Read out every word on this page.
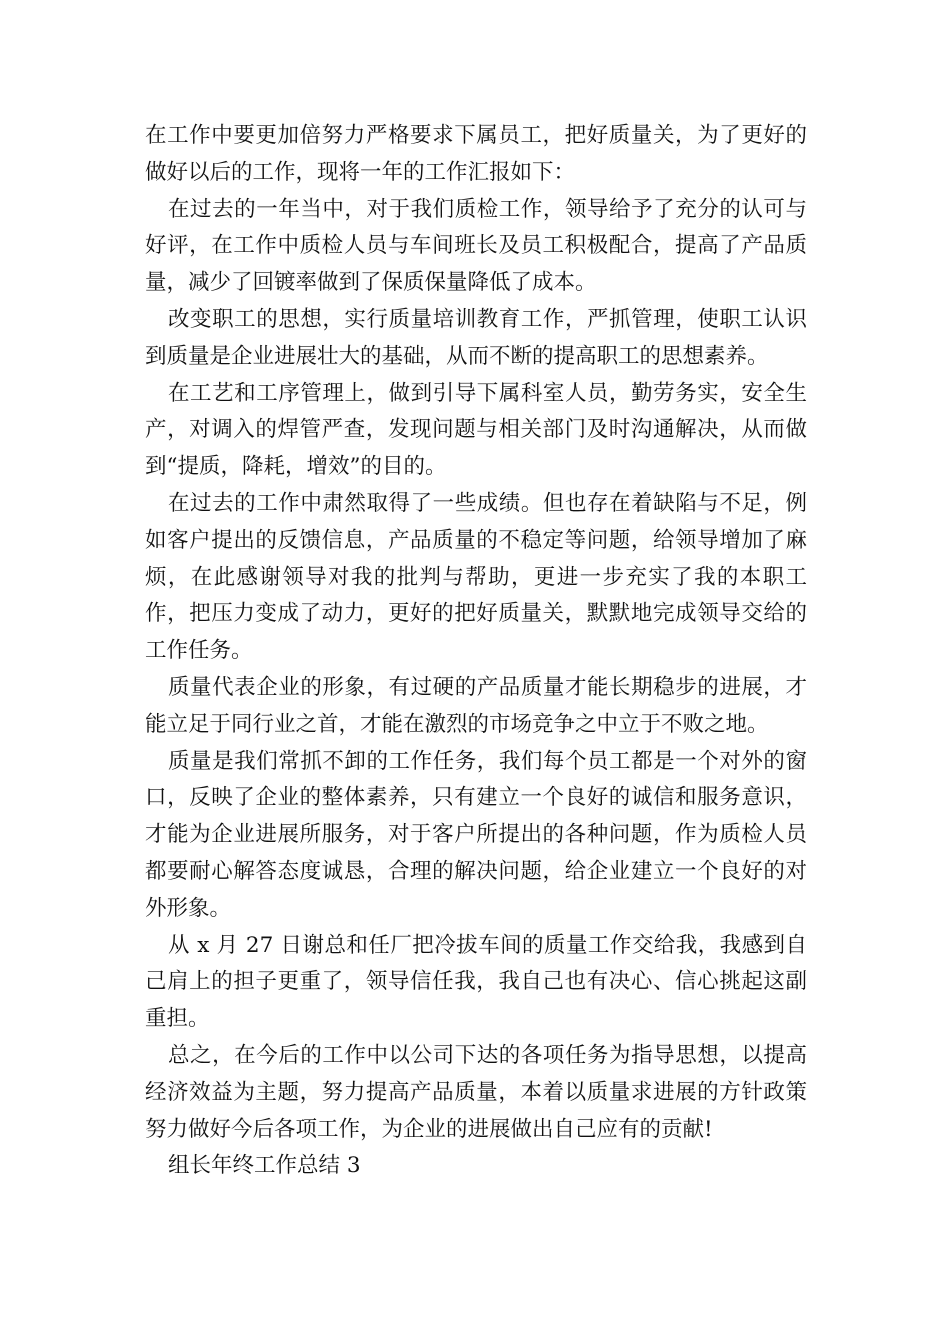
在工作中要更加倍努力严格要求下属员工，把好质量关，为了更好的做好以后的工作，现将一年的工作汇报如下：

在过去的一年当中，对于我们质检工作，领导给予了充分的认可与好评，在工作中质检人员与车间班长及员工积极配合，提高了产品质量，减少了回镀率做到了保质保量降低了成本。

改变职工的思想，实行质量培训教育工作，严抓管理，使职工认识到质量是企业进展壮大的基础，从而不断的提高职工的思想素养。

在工艺和工序管理上，做到引导下属科室人员，勤劳务实，安全生产，对调入的焊管严查，发现问题与相关部门及时沟通解决，从而做到“提质，降耗，增效”的目的。

在过去的工作中肃然取得了一些成绩。但也存在着缺陷与不足，例如客户提出的反馈信息，产品质量的不稳定等问题，给领导增加了麻烦，在此感谢领导对我的批判与帮助，更进一步充实了我的本职工作，把压力变成了动力，更好的把好质量关，默默地完成领导交给的工作任务。

质量代表企业的形象，有过硬的产品质量才能长期稳步的进展，才能立足于同行业之首，才能在激烈的市场竞争之中立于不败之地。

质量是我们常抓不卸的工作任务，我们每个员工都是一个对外的窗口，反映了企业的整体素养，只有建立一个良好的诚信和服务意识，才能为企业进展所服务，对于客户所提出的各种问题，作为质检人员都要耐心解答态度诚恳，合理的解决问题，给企业建立一个良好的对外形象。

从 x 月 27 日谢总和任厂把冷拔车间的质量工作交给我，我感到自己肩上的担子更重了，领导信任我，我自己也有决心、信心挑起这副重担。

总之，在今后的工作中以公司下达的各项任务为指导思想，以提高经济效益为主题，努力提高产品质量，本着以质量求进展的方针政策努力做好今后各项工作，为企业的进展做出自己应有的贡献!

组长年终工作总结 3
